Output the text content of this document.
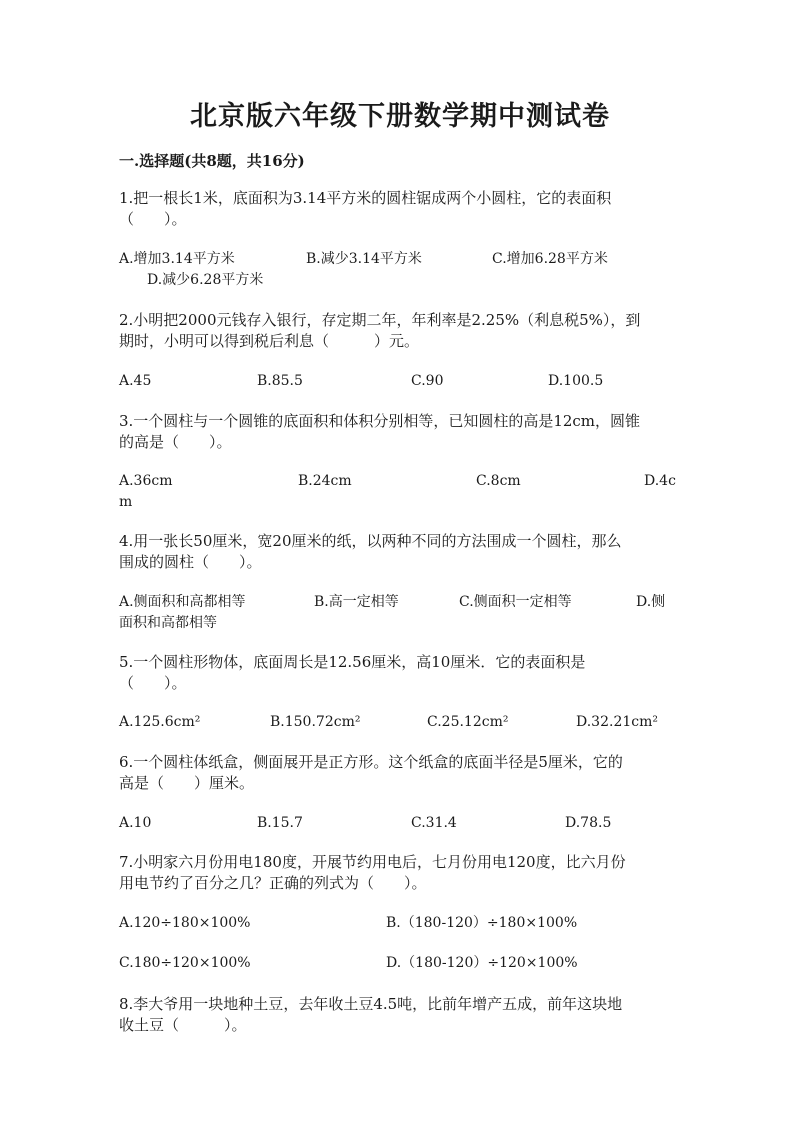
北京版六年级下册数学期中测试卷
一.选择题(共8题，共16分)
1.把一根长1米，底面积为3.14平方米的圆柱锯成两个小圆柱，它的表面积
（　　）。
A.增加3.14平方米	B.减少3.14平方米	C.增加6.28平方米
D.减少6.28平方米
2.小明把2000元钱存入银行，存定期二年，年利率是2.25%（利息税5%），到
期时，小明可以得到税后利息（　　　）元。
A.45	B.85.5	C.90	D.100.5
3.一个圆柱与一个圆锥的底面积和体积分别相等，已知圆柱的高是12cm，圆锥
的高是（　　）。
A.36cm	B.24cm	C.8cm	D.4c
m
4.用一张长50厘米，宽20厘米的纸，以两种不同的方法围成一个圆柱，那么
围成的圆柱（　　）。
A.侧面积和高都相等	B.高一定相等	C.侧面积一定相等	D.侧
面积和高都相等
5.一个圆柱形物体，底面周长是12.56厘米，高10厘米．它的表面积是
（　　）。
A.125.6cm²	B.150.72cm²	C.25.12cm²	D.32.21cm²
6.一个圆柱体纸盒，侧面展开是正方形。这个纸盒的底面半径是5厘米，它的
高是（　　）厘米。
A.10	B.15.7	C.31.4	D.78.5
7.小明家六月份用电180度，开展节约用电后，七月份用电120度，比六月份
用电节约了百分之几？正确的列式为（　　）。
A.120÷180×100%	B.（180-120）÷180×100%
C.180÷120×100%	D.（180-120）÷120×100%
8.李大爷用一块地种土豆，去年收土豆4.5吨，比前年增产五成，前年这块地
收土豆（　　　）。
